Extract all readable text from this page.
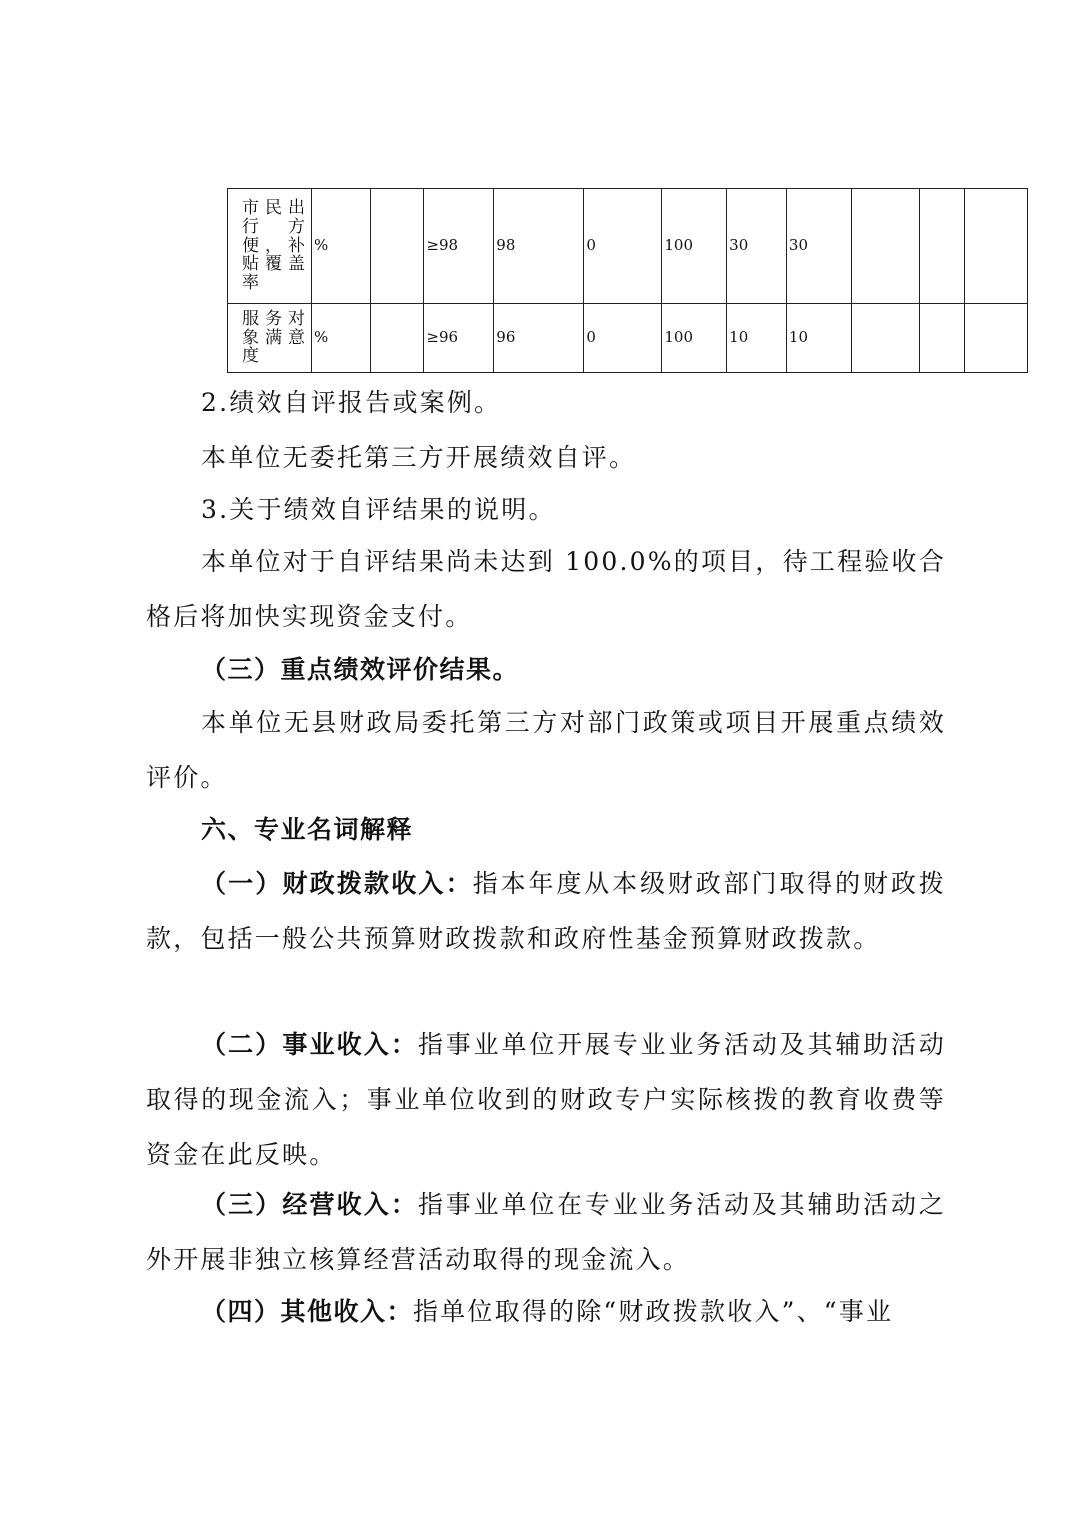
市民出行方便，补贴覆盖率	%		≥98	98	0	100	30	30			
服务对象满意度	%		≥96	96	0	100	10	10			

2.绩效自评报告或案例。

本单位无委托第三方开展绩效自评。

3.关于绩效自评结果的说明。

本单位对于自评结果尚未达到 100.0%的项目，待工程验收合格后将加快实现资金支付。

（三）重点绩效评价结果。

本单位无县财政局委托第三方对部门政策或项目开展重点绩效评价。

六、专业名词解释

（一）财政拨款收入：指本年度从本级财政部门取得的财政拨款，包括一般公共预算财政拨款和政府性基金预算财政拨款。

（二）事业收入：指事业单位开展专业业务活动及其辅助活动取得的现金流入；事业单位收到的财政专户实际核拨的教育收费等资金在此反映。

（三）经营收入：指事业单位在专业业务活动及其辅助活动之外开展非独立核算经营活动取得的现金流入。

（四）其他收入：指单位取得的除“财政拨款收入”、“事业
